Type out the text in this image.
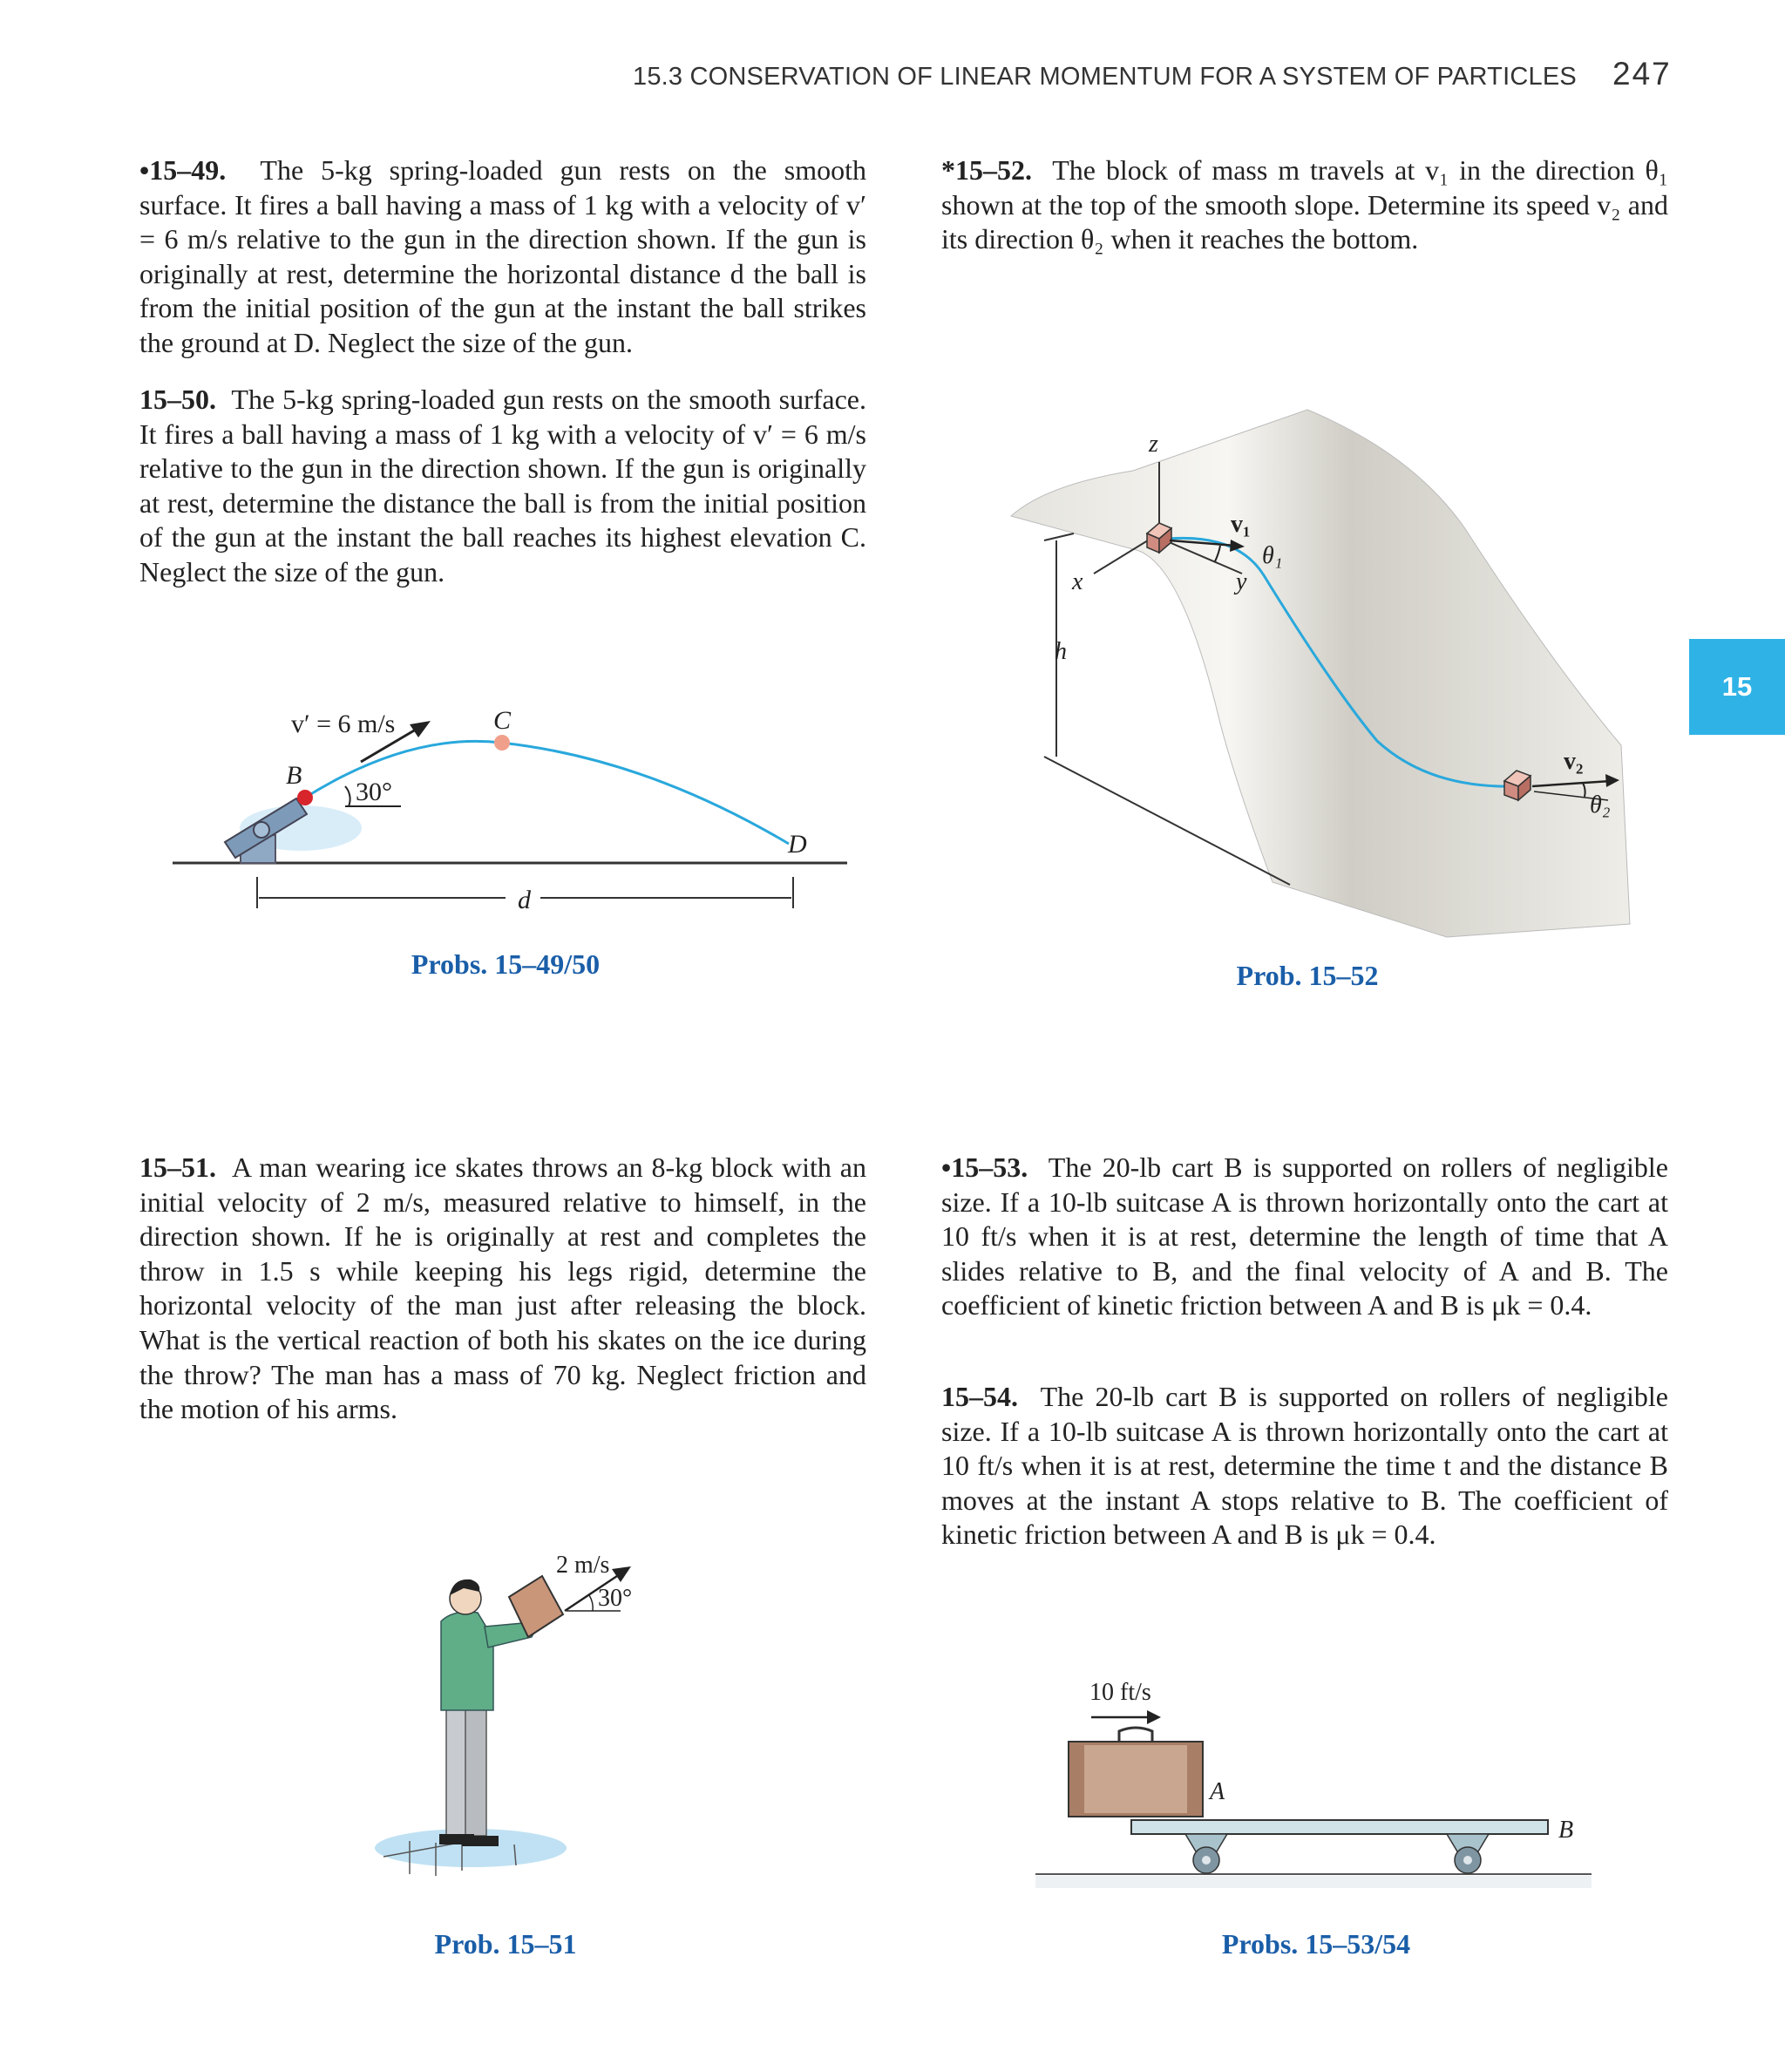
15.3 CONSERVATION OF LINEAR MOMENTUM FOR A SYSTEM OF PARTICLES 247
15

•15–49. The 5-kg spring-loaded gun rests on the smooth surface. It fires a ball having a mass of 1 kg with a velocity of v′ = 6 m/s relative to the gun in the direction shown. If the gun is originally at rest, determine the horizontal distance d the ball is from the initial position of the gun at the instant the ball strikes the ground at D. Neglect the size of the gun.

15–50. The 5-kg spring-loaded gun rests on the smooth surface. It fires a ball having a mass of 1 kg with a velocity of v′ = 6 m/s relative to the gun in the direction shown. If the gun is originally at rest, determine the distance the ball is from the initial position of the gun at the instant the ball reaches its highest elevation C. Neglect the size of the gun.

15–51. A man wearing ice skates throws an 8-kg block with an initial velocity of 2 m/s, measured relative to himself, in the direction shown. If he is originally at rest and completes the throw in 1.5 s while keeping his legs rigid, determine the horizontal velocity of the man just after releasing the block. What is the vertical reaction of both his skates on the ice during the throw? The man has a mass of 70 kg. Neglect friction and the motion of his arms.

*15–52. The block of mass m travels at v₁ in the direction θ₁ shown at the top of the smooth slope. Determine its speed v₂ and its direction θ₂ when it reaches the bottom.

•15–53. The 20-lb cart B is supported on rollers of negligible size. If a 10-lb suitcase A is thrown horizontally onto the cart at 10 ft/s when it is at rest, determine the length of time that A slides relative to B, and the final velocity of A and B. The coefficient of kinetic friction between A and B is μk = 0.4.

15–54. The 20-lb cart B is supported on rollers of negligible size. If a 10-lb suitcase A is thrown horizontally onto the cart at 10 ft/s when it is at rest, determine the time t and the distance B moves at the instant A stops relative to B. The coefficient of kinetic friction between A and B is μk = 0.4.

v′ = 6 m/s
B
C
D
30°
d
Probs. 15–49/50
z
x	y
h
v₁
θ₁
v₂
θ₂
Prob. 15–52
2 m/s
30°
Prob. 15–51
10 ft/s
A
B
Probs. 15–53/54
